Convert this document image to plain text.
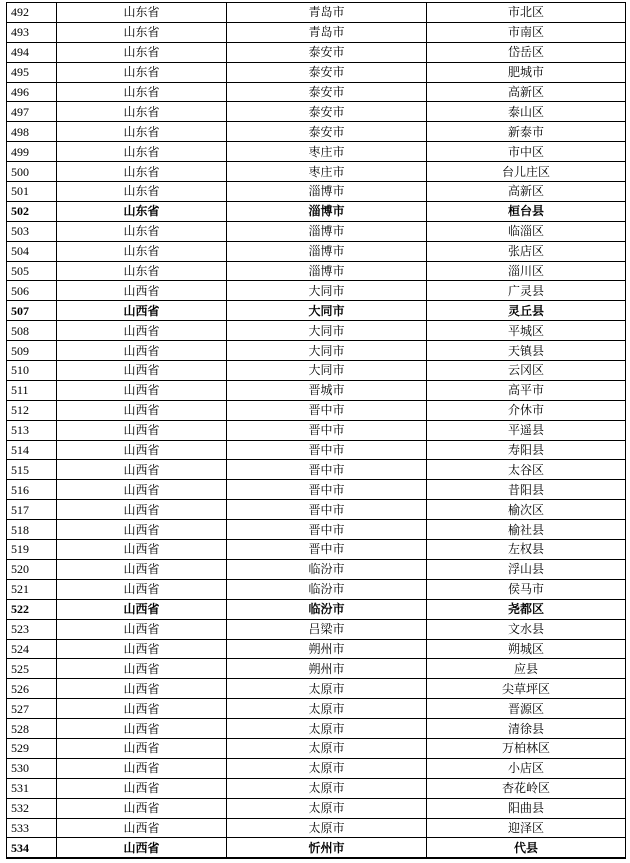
492	山东省	青岛市	市北区
493	山东省	青岛市	市南区
494	山东省	泰安市	岱岳区
495	山东省	泰安市	肥城市
496	山东省	泰安市	高新区
497	山东省	泰安市	泰山区
498	山东省	泰安市	新泰市
499	山东省	枣庄市	市中区
500	山东省	枣庄市	台儿庄区
501	山东省	淄博市	高新区
502	山东省	淄博市	桓台县
503	山东省	淄博市	临淄区
504	山东省	淄博市	张店区
505	山东省	淄博市	淄川区
506	山西省	大同市	广灵县
507	山西省	大同市	灵丘县
508	山西省	大同市	平城区
509	山西省	大同市	天镇县
510	山西省	大同市	云冈区
511	山西省	晋城市	高平市
512	山西省	晋中市	介休市
513	山西省	晋中市	平遥县
514	山西省	晋中市	寿阳县
515	山西省	晋中市	太谷区
516	山西省	晋中市	昔阳县
517	山西省	晋中市	榆次区
518	山西省	晋中市	榆社县
519	山西省	晋中市	左权县
520	山西省	临汾市	浮山县
521	山西省	临汾市	侯马市
522	山西省	临汾市	尧都区
523	山西省	吕梁市	文水县
524	山西省	朔州市	朔城区
525	山西省	朔州市	应县
526	山西省	太原市	尖草坪区
527	山西省	太原市	晋源区
528	山西省	太原市	清徐县
529	山西省	太原市	万柏林区
530	山西省	太原市	小店区
531	山西省	太原市	杏花岭区
532	山西省	太原市	阳曲县
533	山西省	太原市	迎泽区
534	山西省	忻州市	代县
